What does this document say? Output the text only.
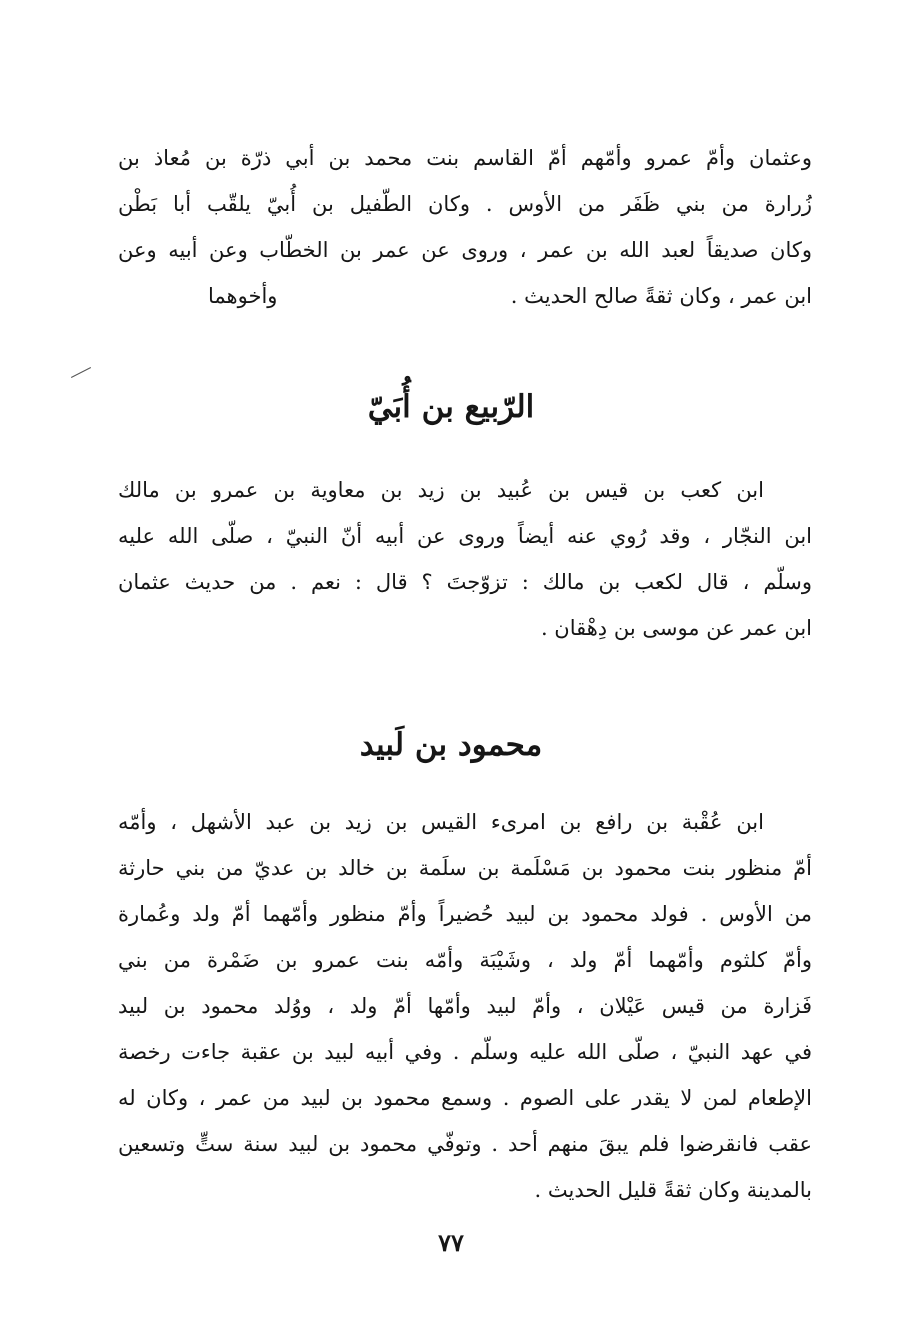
وعثمان وأمّ عمرو وأمّهم أمّ القاسم بنت محمد بن أبي ذرّة بن مُعاذ بن
زُرارة من بني ظَفَر من الأوس . وكان الطّفيل بن أُبيّ يلقّب أبا بَطْن
وكان صديقاً لعبد الله بن عمر ، وروى عن عمر بن الخطّاب وعن أبيه وعن
ابن عمر ، وكان ثقةً صالح الحديث .
وأخوهما
الرّبيع بن أُبَيّ
ابن كعب بن قيس بن عُبيد بن زيد بن معاوية بن عمرو بن مالك
ابن النجّار ، وقد رُوي عنه أيضاً وروى عن أبيه أنّ النبيّ ، صلّى الله عليه
وسلّم ، قال لكعب بن مالك : تزوّجتَ ؟ قال : نعم . من حديث عثمان
ابن عمر عن موسى بن دِهْقان .
محمود بن لَبيد
ابن عُقْبة بن رافع بن امرىء القيس بن زيد بن عبد الأشهل ، وأمّه
أمّ منظور بنت محمود بن مَسْلَمة بن سلَمة بن خالد بن عديّ من بني حارثة
من الأوس . فولد محمود بن لبيد حُضيراً وأمّ منظور وأمّهما أمّ ولد وعُمارة
وأمّ كلثوم وأمّهما أمّ ولد ، وشَيْبَة وأمّه بنت عمرو بن ضَمْرة من بني
فَزارة من قيس عَيْلان ، وأمّ لبيد وأمّها أمّ ولد ، ووُلد محمود بن لبيد
في عهد النبيّ ، صلّى الله عليه وسلّم . وفي أبيه لبيد بن عقبة جاءت رخصة
الإطعام لمن لا يقدر على الصوم . وسمع محمود بن لبيد من عمر ، وكان له
عقب فانقرضوا فلم يبقَ منهم أحد . وتوفّي محمود بن لبيد سنة ستٍّ وتسعين
بالمدينة وكان ثقةً قليل الحديث .
٧٧
